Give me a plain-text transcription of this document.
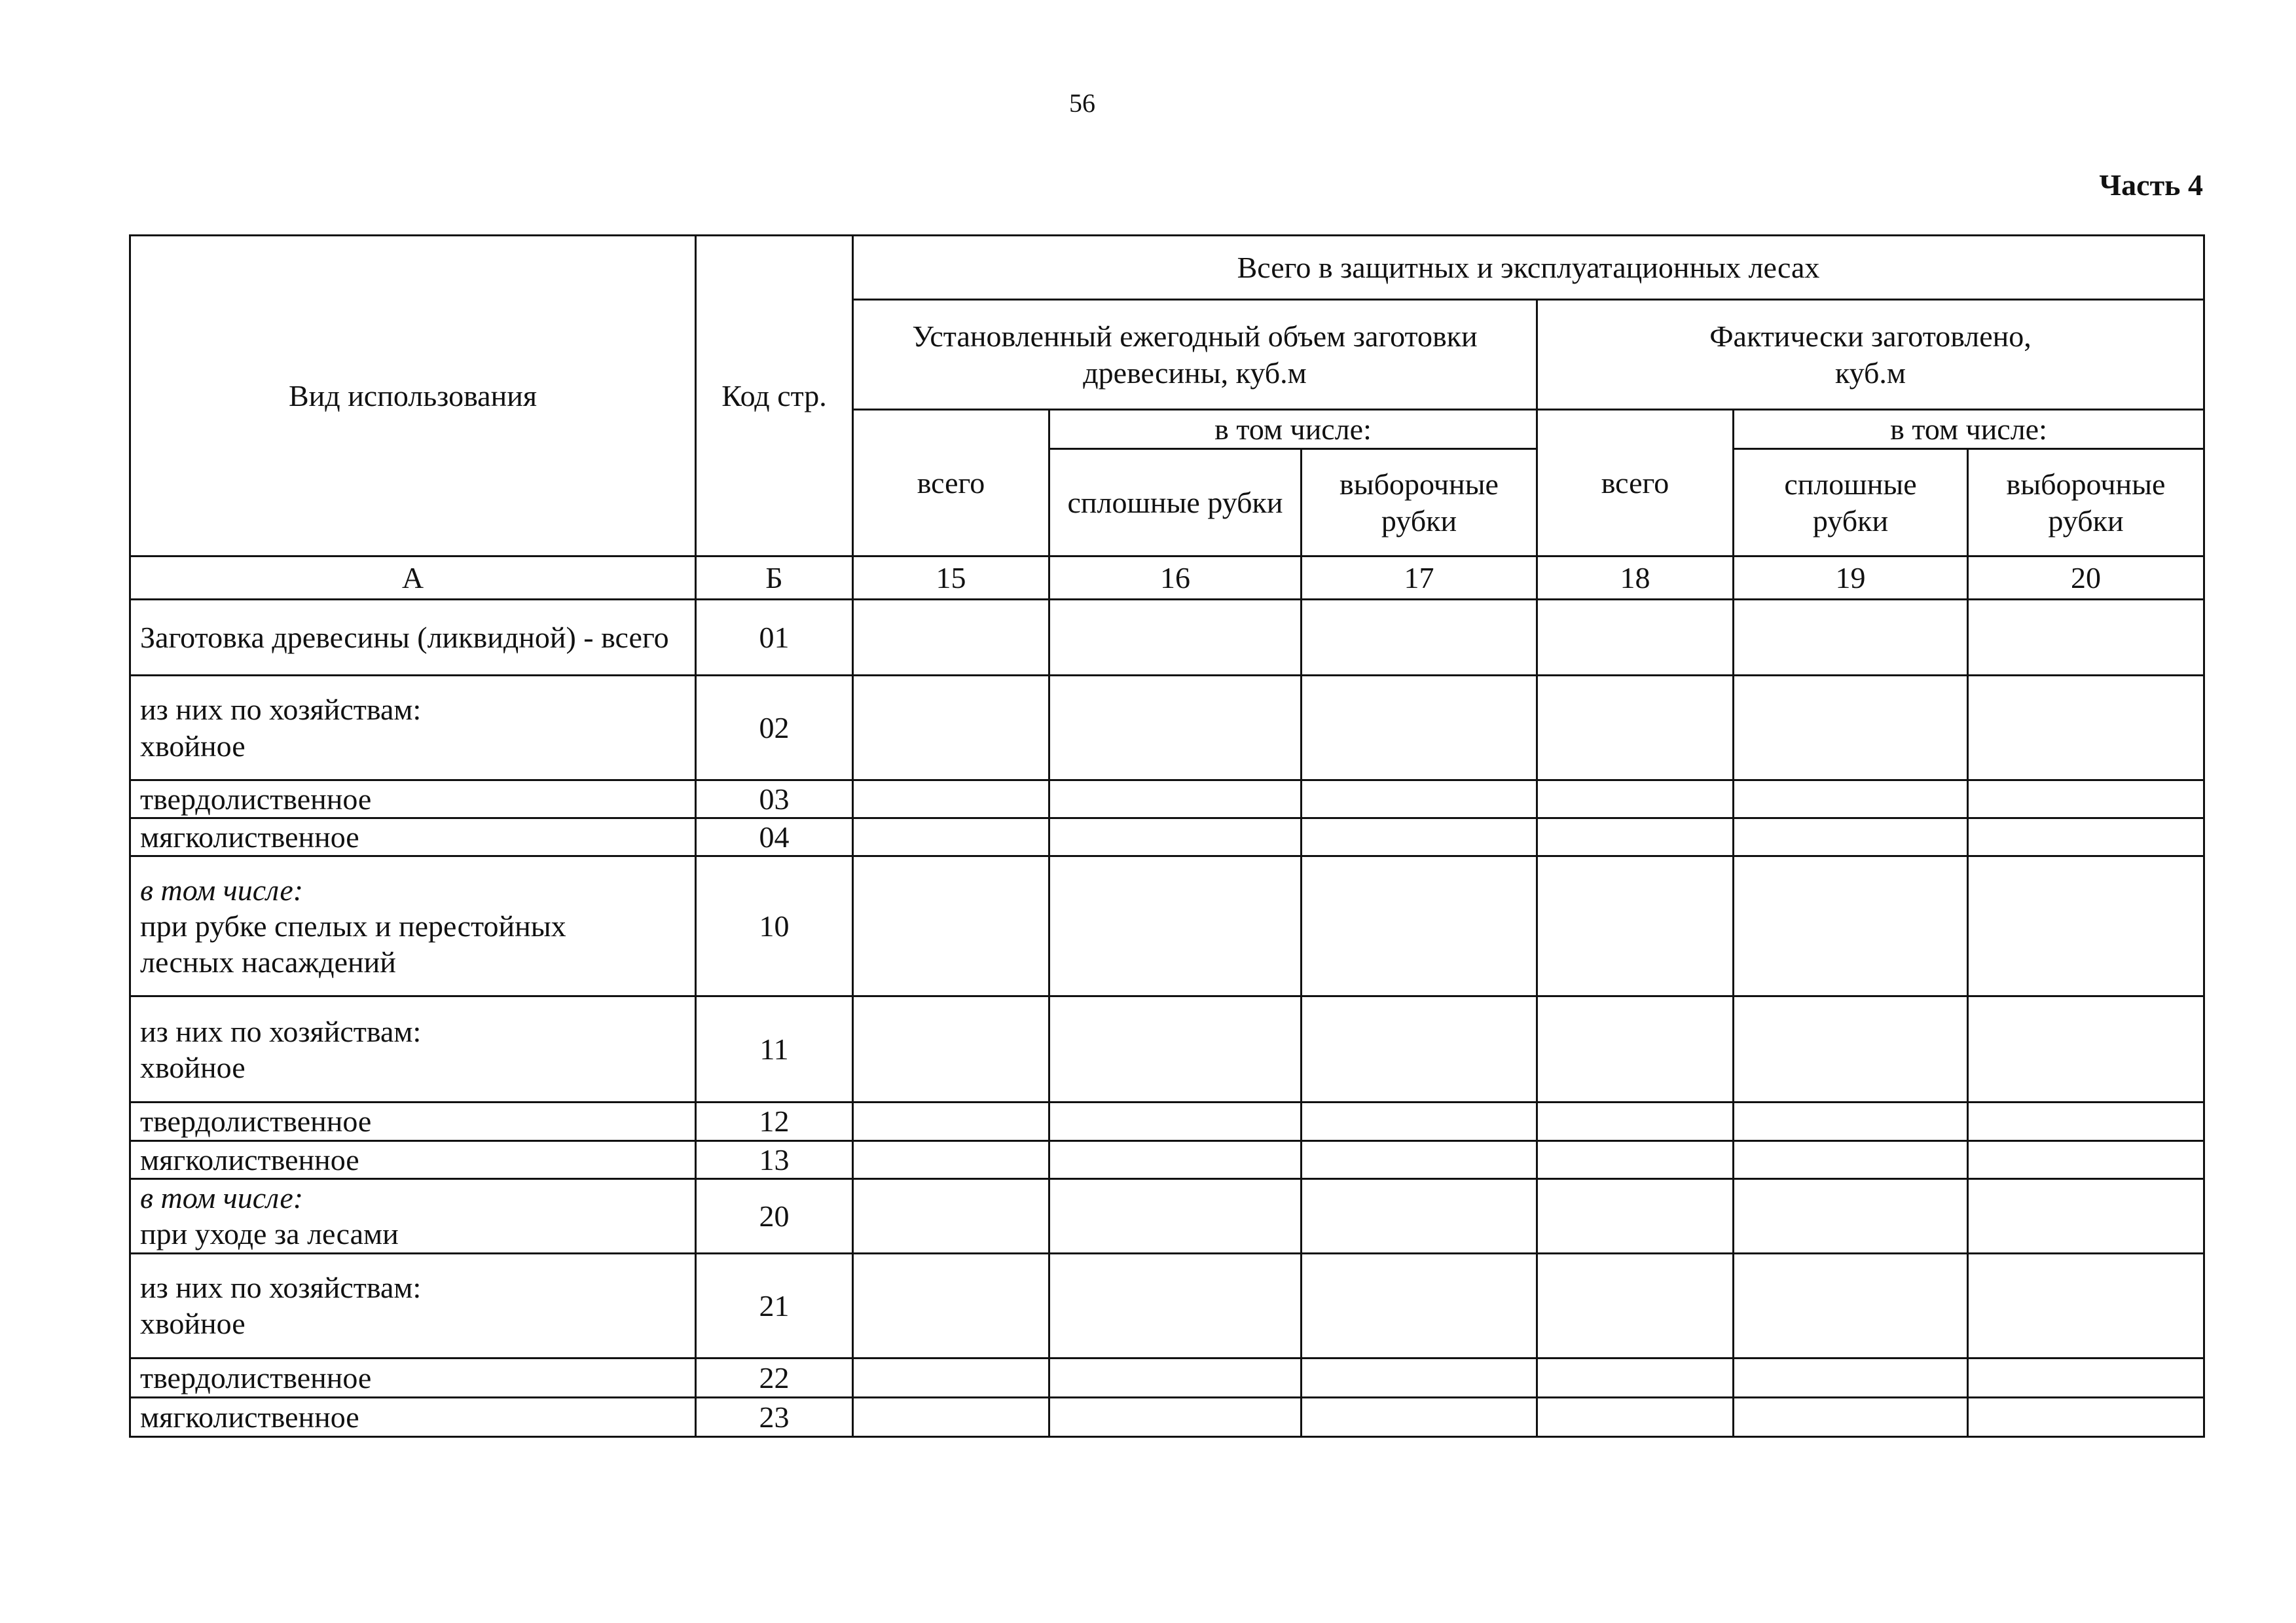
56
Часть 4
Вид использования	Код стр.	Всего в защитных и эксплуатационных лесах					
		Установленный ежегодный объем заготовки древесины, куб.м			Фактически заготовлено,
куб.м		

		всего	в том числе:		всего	в том числе:	
			сплошные рубки	выборочные рубки		сплошные рубки	выборочные рубки
А	Б	15	16	17	18	19	20
Заготовка древесины (ликвидной) - всего	01						

из них по хозяйствам:
хвойное	02						
твердолиственное	03						
мягколиственное	04						

в том числе:
при рубке спелых и перестойных
лесных насаждений	10						

из них по хозяйствам:
хвойное	11						
твердолиственное	12						
мягколиственное	13						

в том числе:
при уходе за лесами	20						

из них по хозяйствам:
хвойное	21						
твердолиственное	22						
мягколиственное	23						
